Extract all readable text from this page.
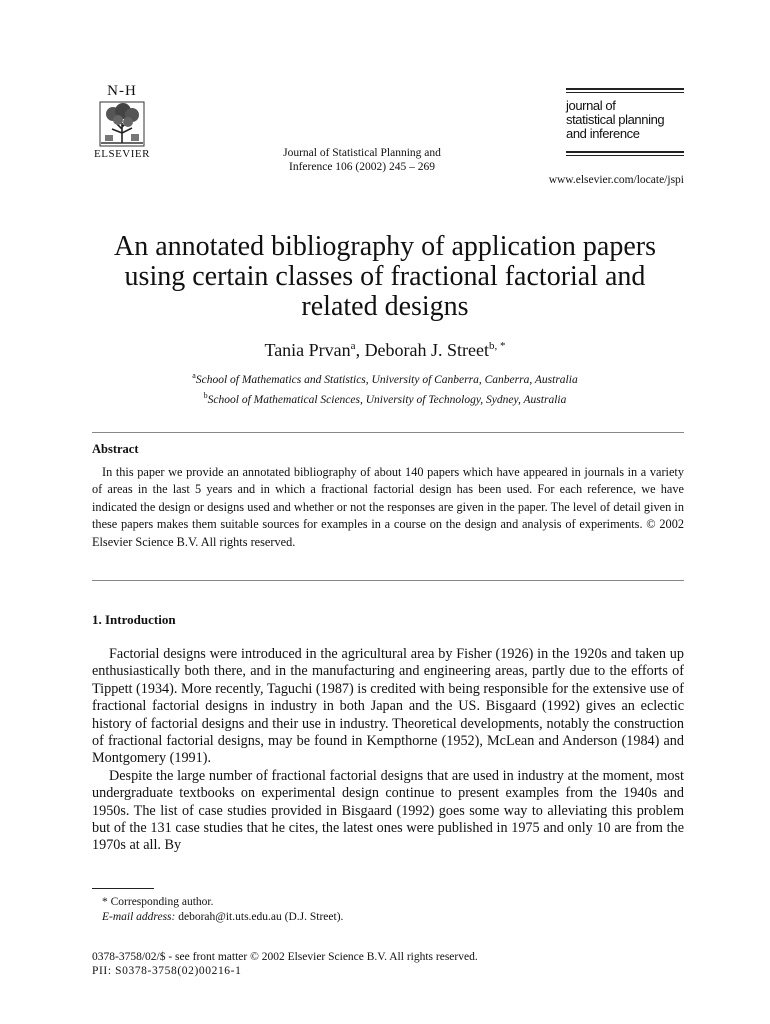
N-H
ELSEVIER	Journal of Statistical Planning and
Inference 106 (2002) 245 – 269
journal of
statistical planning
and inference
www.elsevier.com/locate/jspi
An annotated bibliography of application papers
using certain classes of fractional factorial and
related designs
Tania Prvan$^a$, Deborah J. Street$^{b, *}$
$^a$School of Mathematics and Statistics, University of Canberra, Canberra, Australia
$^b$School of Mathematical Sciences, University of Technology, Sydney, Australia
Abstract
In this paper we provide an annotated bibliography of about 140 papers which have appeared in journals in a variety of areas in the last 5 years and in which a fractional factorial design has been used. For each reference, we have indicated the design or designs used and whether or not the responses are given in the paper. The level of detail given in these papers makes them suitable sources for examples in a course on the design and analysis of experiments. © 2002 Elsevier Science B.V. All rights reserved.
1. Introduction

Factorial designs were introduced in the agricultural area by Fisher (1926) in the 1920s and taken up enthusiastically both there, and in the manufacturing and engineering areas, partly due to the efforts of Tippett (1934). More recently, Taguchi (1987) is credited with being responsible for the extensive use of fractional factorial designs in industry in both Japan and the US. Bisgaard (1992) gives an eclectic history of factorial designs and their use in industry. Theoretical developments, notably the construction of fractional factorial designs, may be found in Kempthorne (1952), McLean and Anderson (1984) and Montgomery (1991).

Despite the large number of fractional factorial designs that are used in industry at the moment, most undergraduate textbooks on experimental design continue to present examples from the 1940s and 1950s. The list of case studies provided in Bisgaard (1992) goes some way to alleviating this problem but of the 131 case studies that he cites, the latest ones were published in 1975 and only 10 are from the 1970s at all. By

* Corresponding author.
E-mail address: deborah@it.uts.edu.au (D.J. Street).
0378-3758/02/$ - see front matter © 2002 Elsevier Science B.V. All rights reserved.
PII: S0378-3758(02)00216-1
